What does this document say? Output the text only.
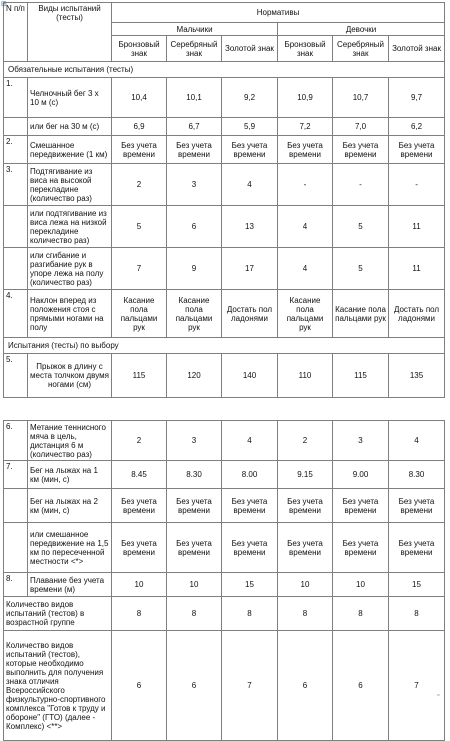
N п/п	Виды испытаний (тесты)	Нормативы					
		Мальчики			Девочки		
		Бронзовый знак	Серебряный знак	Золотой знак	Бронзовый знак	Серебряный знак	Золотой знак
Обязательные испытания (тесты)							
1.	Челночный бег 3 х 10 м (с)	10,4	10,1	9,2	10,9	10,7	9,7
	или бег на 30 м (с)	6,9	6,7	5,9	7,2	7,0	6,2
2.	Смешанное передвижение (1 км)	Без учета времени	Без учета времени	Без учета времени	Без учета времени	Без учета времени	Без учета времени
3.	Подтягивание из виса на высокой перекладине (количество раз)	2	3	4	-	-	-
	или подтягивание из виса лежа на низкой перекладине количество раз)	5	6	13	4	5	11
	или сгибание и разгибание рук в упоре лежа на полу (количество раз)	7	9	17	4	5	11
4.	Наклон вперед из положения стоя с прямыми ногами на полу	Касание пола пальцами рук	Касание пола пальцами рук	Достать пол ладонями	Касание пола пальцами рук	Касание пола пальцами рук	Достать пол ладонями
Испытания (тесты) по выбору							
5.	Прыжок в длину с места толчком двумя ногами (см)	115	120	140	110	115	135
6.	Метание теннисного мяча в цель, дистанция 6 м (количество раз)	2	3	4	2	3	4
7.	Бег на лыжах на 1 км (мин, с)	8.45	8.30	8.00	9.15	9.00	8.30
	Бег на лыжах на 2 км (мин, с)	Без учета времени	Без учета времени	Без учета времени	Без учета времени	Без учета времени	Без учета времени
	или смешанное передвижение на 1,5 км по пересеченной местности <*>	Без учета времени	Без учета времени	Без учета времени	Без учета времени	Без учета времени	Без учета времени
8.	Плавание без учета времени (м)	10	10	15	10	10	15
Количество видов испытаний (тестов) в возрастной группе		8	8	8	8	8	8
Количество видов испытаний (тестов), которые необходимо выполнить для получения знака отличия Всероссийского физкультурно-спортивного комплекса "Готов к труду и обороне" (ГТО) (далее - Комплекс) <**>		6	6	7	6	6	7
⊞
▫
